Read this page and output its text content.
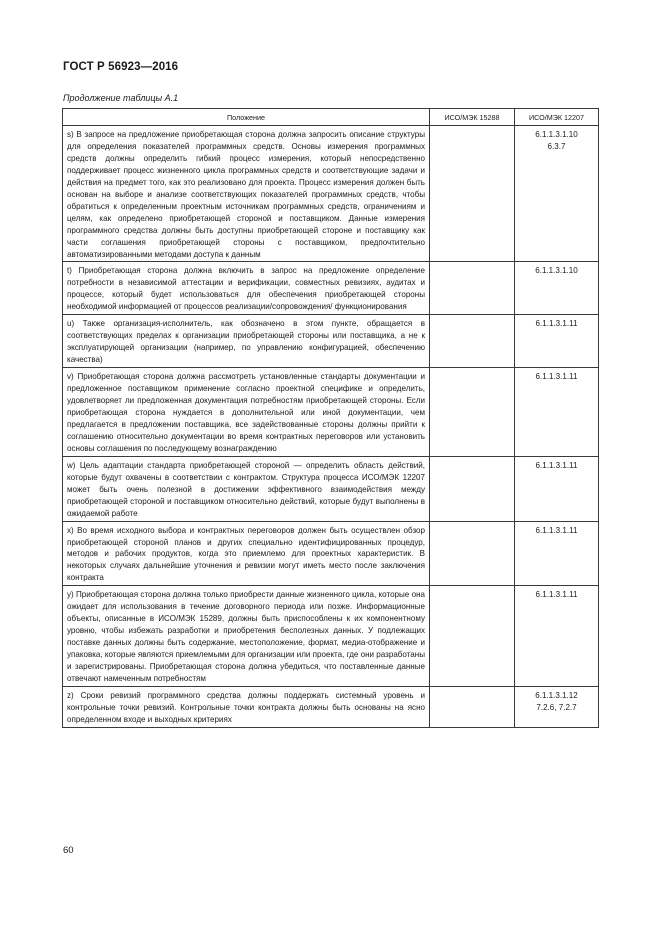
ГОСТ Р 56923—2016
Продолжение таблицы А.1
Положение	ИСО/МЭК 15288	ИСО/МЭК 12207
s) В запросе на предложение приобретающая сторона должна запросить описание структуры для определения показателей программных средств. Основы измерения программных средств должны определить гибкий процесс измерения, который непосредственно поддерживает процесс жизненного цикла программных средств и соответствующие задачи и действия на предмет того, как это реализовано для проекта. Процесс измерения должен быть основан на выборе и анализе соответствующих показателей программных средств, чтобы обратиться к определенным проектным источникам программных средств, ограничениям и целям, как определено приобретающей стороной и поставщиком. Данные измерения программного средства должны быть доступны приобретающей стороне и поставщику как части соглашения приобретающей стороны с поставщиком, предпочтительно автоматизированными методами доступа к данным		6.1.1.3.1.10
6.3.7

t) Приобретающая сторона должна включить в запрос на предложение определение потребности в независимой аттестации и верификации, совместных ревизиях, аудитах и процессе, который будет использоваться для обеспечения приобретающей стороны необходимой информацией от процессов реализации/сопровождения/ функционирования		6.1.1.3.1.10

u) Также организация-исполнитель, как обозначено в этом пункте, обращается в соответствующих пределах к организации приобретающей стороны или поставщика, а не к эксплуатирующей организации (например, по управлению конфигурацией, обеспечению качества)		6.1.1.3.1.11

v) Приобретающая сторона должна рассмотреть установленные стандарты документации и предложенное поставщиком применение согласно проектной специфике и определить, удовлетворяет ли предложенная документация потребностям приобретающей стороны. Если приобретающая сторона нуждается в дополнительной или иной документации, чем предлагается в предложении поставщика, все задействованные стороны должны прийти к соглашению относительно документации во время контрактных переговоров или установить основы соглашения по последующему вознаграждению		6.1.1.3.1.11

w) Цель адаптации стандарта приобретающей стороной — определить область действий, которые будут охвачены в соответствии с контрактом. Структура процесса ИСО/МЭК 12207 может быть очень полезной в достижении эффективного взаимодействия между приобретающей стороной и поставщиком относительно действий, которые будут выполнены в ожидаемой работе		6.1.1.3.1.11

x) Во время исходного выбора и контрактных переговоров должен быть осуществлен обзор приобретающей стороной планов и других специально идентифицированных процедур, методов и рабочих продуктов, когда это приемлемо для проектных характеристик. В некоторых случаях дальнейшие уточнения и ревизии могут иметь место после заключения контракта		6.1.1.3.1.11

y) Приобретающая сторона должна только приобрести данные жизненного цикла, которые она ожидает для использования в течение договорного периода или позже. Информационные объекты, описанные в ИСО/МЭК 15289, должны быть приспособлены к их компонентному уровню, чтобы избежать разработки и приобретения бесполезных данных. У подлежащих поставке данных должны быть содержание, местоположение, формат, медиа-отображение и упаковка, которые являются приемлемыми для организации или проекта, где они разработаны и зарегистрированы. Приобретающая сторона должна убедиться, что поставленные данные отвечают намеченным потребностям		6.1.1.3.1.11

z) Сроки ревизий программного средства должны поддержать системный уровень и контрольные точки ревизий. Контрольные точки контракта должны быть основаны на ясно определенном входе и выходных критериях		6.1.1.3.1.12
7.2.6, 7.2.7
60
